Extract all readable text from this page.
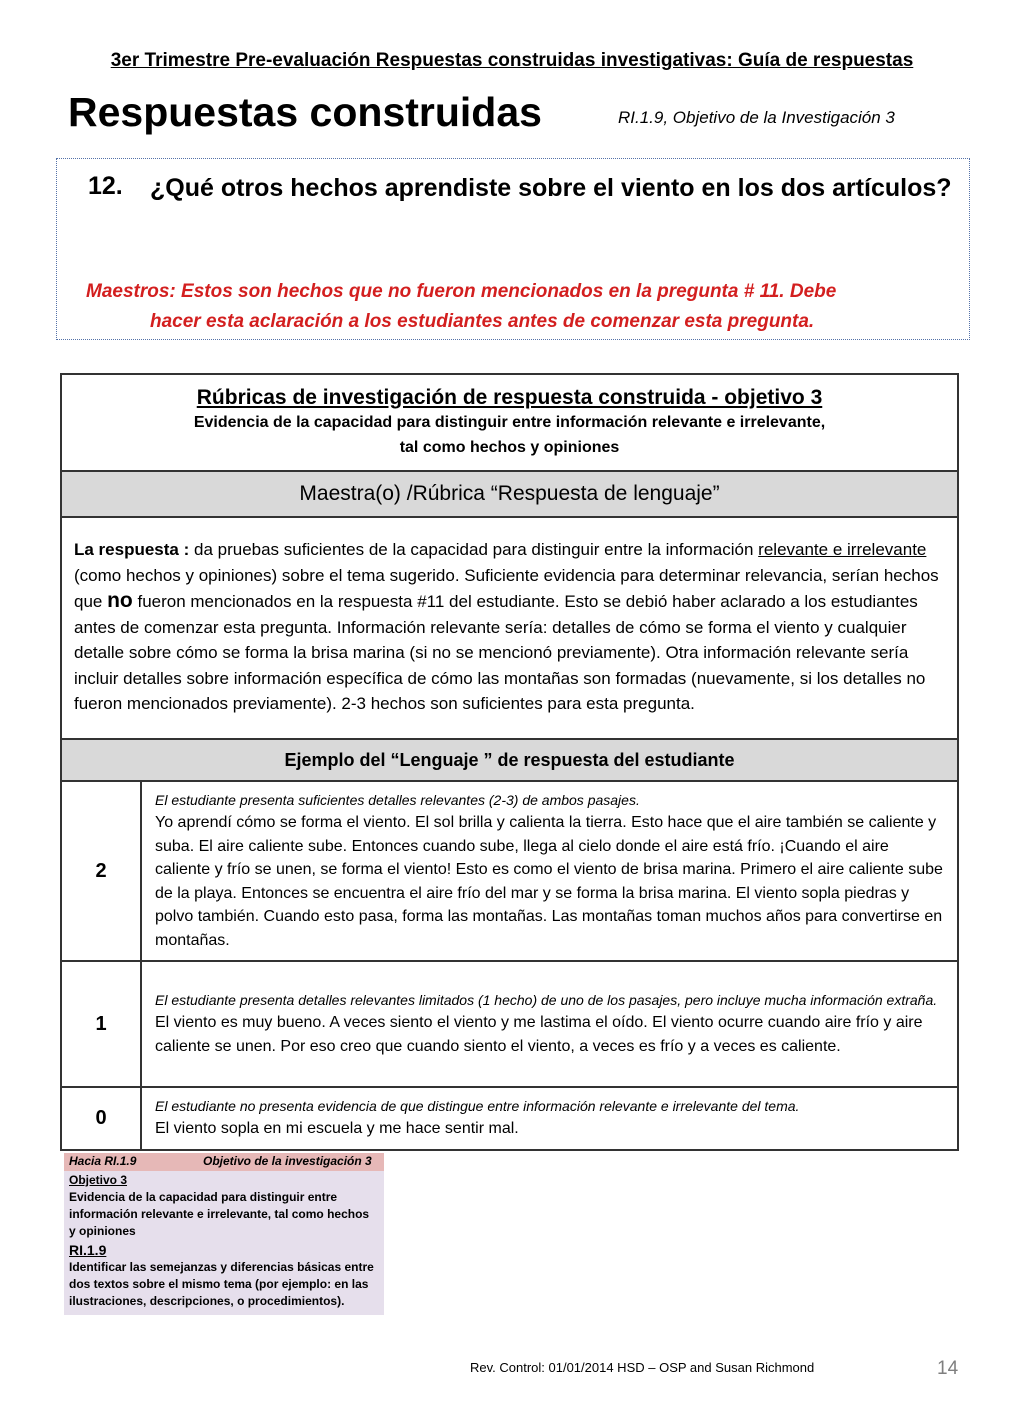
3er Trimestre Pre-evaluación Respuestas construidas investigativas: Guía de respuestas
Respuestas construidas	RI.1.9, Objetivo de la Investigación 3
12. ¿Qué otros hechos aprendiste sobre el viento en los dos artículos?
Maestros: Estos son hechos que no fueron mencionados en la pregunta # 11. Debe
hacer esta aclaración a los estudiantes antes de comenzar esta pregunta.
Rúbricas de investigación de respuesta construida - objetivo 3
Evidencia de la capacidad para distinguir entre información relevante e irrelevante,
tal como hechos y opiniones	

Maestra(o) /Rúbrica “Respuesta de lenguaje”	
La respuesta : da pruebas suficientes de la capacidad para distinguir entre la información relevante e irrelevante (como hechos y opiniones) sobre el tema sugerido. Suficiente evidencia para determinar relevancia, serían hechos que no fueron mencionados en la respuesta #11 del estudiante. Esto se debió haber aclarado a los estudiantes antes de comenzar esta pregunta. Información relevante sería: detalles de cómo se forma el viento y cualquier detalle sobre cómo se forma la brisa marina (si no se mencionó previamente). Otra información relevante sería incluir detalles sobre información específica de cómo las montañas son formadas (nuevamente, si los detalles no fueron mencionados previamente). 2-3 hechos son suficientes para esta pregunta.	
Ejemplo del “Lenguaje ” de respuesta del estudiante	
2	El estudiante presenta suficientes detalles relevantes (2-3) de ambos pasajes.
Yo aprendí cómo se forma el viento. El sol brilla y calienta la tierra. Esto hace que el aire también se caliente y suba. El aire caliente sube. Entonces cuando sube, llega al cielo donde el aire está frío. ¡Cuando el aire caliente y frío se unen, se forma el viento! Esto es como el viento de brisa marina. Primero el aire caliente sube de la playa. Entonces se encuentra el aire frío del mar y se forma la brisa marina. El viento sopla piedras y polvo también. Cuando esto pasa, forma las montañas. Las montañas toman muchos años para convertirse en montañas.
1	El estudiante presenta detalles relevantes limitados (1 hecho) de uno de los pasajes, pero incluye mucha información extraña.
El viento es muy bueno. A veces siento el viento y me lastima el oído. El viento ocurre cuando aire frío y aire caliente se unen. Por eso creo que cuando siento el viento, a veces es frío y a veces es caliente.
0	El estudiante no presenta evidencia de que distingue entre información relevante e irrelevante del tema.
El viento sopla en mi escuela y me hace sentir mal.
Hacia RI.1.9	Objetivo de la investigación 3
Objetivo 3
Evidencia de la capacidad para distinguir entre información relevante e irrelevante, tal como hechos y opiniones
RI.1.9
Identificar las semejanzas y diferencias básicas entre dos textos sobre el mismo tema (por ejemplo: en las ilustraciones, descripciones, o procedimientos).
Rev. Control: 01/01/2014 HSD – OSP and Susan Richmond	14
